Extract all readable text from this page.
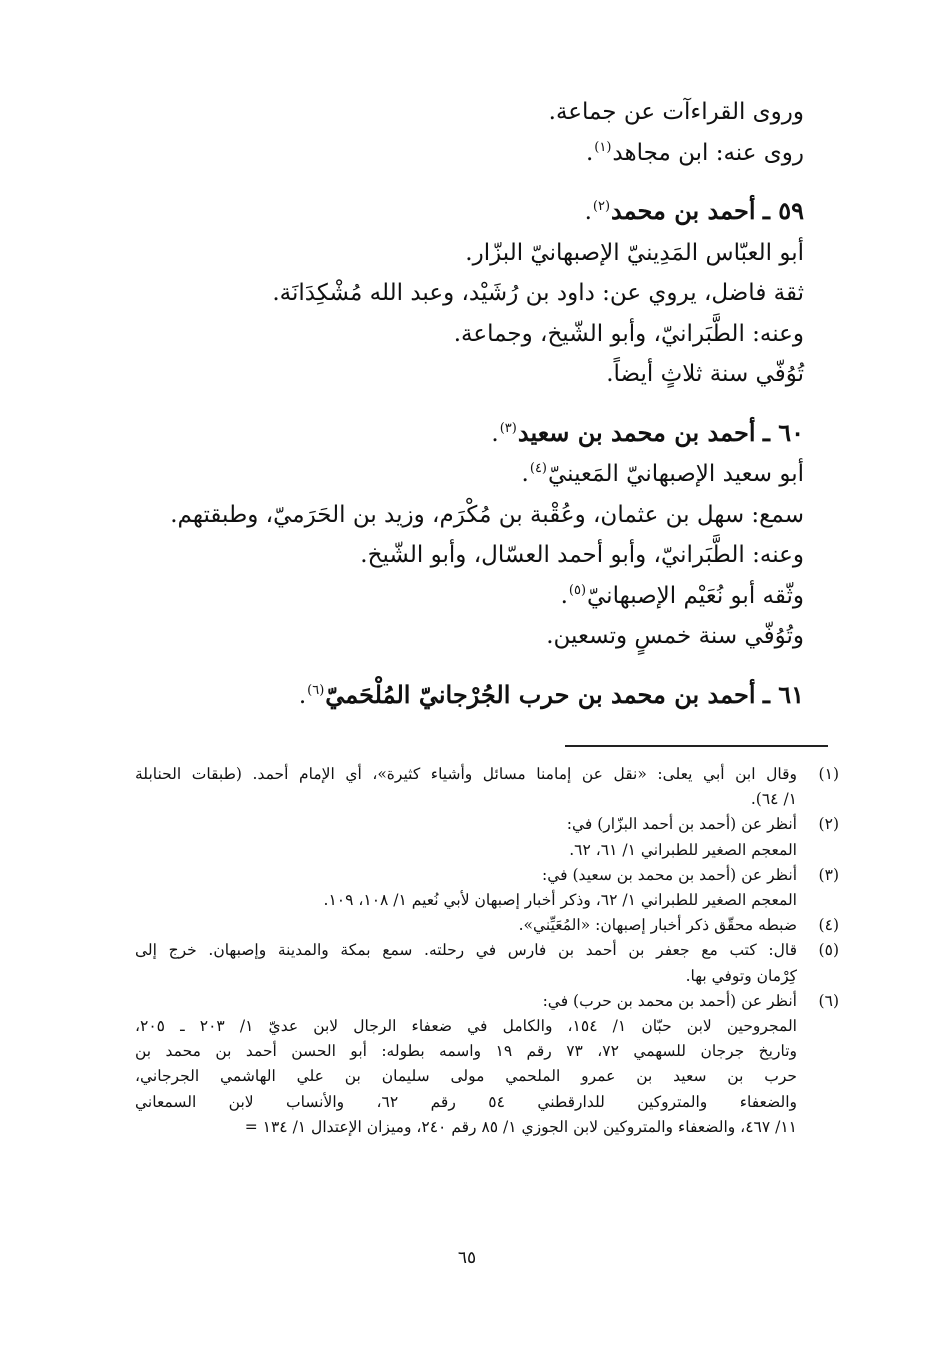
وروى القراءآت عن جماعة.
روى عنه: ابن مجاهد$^{(١)}$.
٥٩ ـ أحمد بن محمد$^{(٢)}$.
أبو العبّاس المَدِينيّ الإصبهانيّ البزّار.
ثقة فاضل، يروي عن: داود بن رُشَيْد، وعبد الله مُشْكِدَانَة.
وعنه: الطَّبَرانيّ، وأبو الشّيخ، وجماعة.
تُوُفّي سنة ثلاثٍ أيضاً.
٦٠ ـ أحمد بن محمد بن سعيد$^{(٣)}$.
أبو سعيد الإصبهانيّ المَعينيّ$^{(٤)}$.
سمع: سهل بن عثمان، وعُقْبة بن مُكْرَم، وزيد بن الحَرَميّ، وطبقتهم.
وعنه: الطَّبَرانيّ، وأبو أحمد العسّال، وأبو الشّيخ.
وثّقه أبو نُعَيْم الإصبهانيّ$^{(٥)}$.
وتُوُفّي سنة خمسٍ وتسعين.
٦١ ـ أحمد بن محمد بن حرب الجُرْجانيّ المُلْحَميّ$^{(٦)}$.
(١)
وقال ابن أبي يعلى: «نقل عن إمامنا مسائل وأشياء كثيرة»، أي الإمام أحمد. (طبقات الحنابلة
١/ ٦٤).
(٢)
أنظر عن (أحمد بن أحمد البزّار) في:
المعجم الصغير للطبراني ١/ ٦١، ٦٢.
(٣)
أنظر عن (أحمد بن محمد بن سعيد) في:
المعجم الصغير للطبراني ١/ ٦٢، وذكر أخبار إصبهان لأبي نُعيم ١/ ١٠٨، ١٠٩.
(٤)
ضبطه محقّق ذكر أخبار إصبهان: «المُعَيِّني».
(٥)
قال: كتب مع جعفر بن أحمد بن فارس في رحلته. سمع بمكة والمدينة وإصبهان. خرج إلى
كِرْمان وتوفي بها.
(٦)
أنظر عن (أحمد بن محمد بن حرب) في:
المجروحين لابن حبّان ١/ ١٥٤، والكامل في ضعفاء الرجال لابن عديّ ١/ ٢٠٣ ـ ٢٠٥،
وتاريخ جرجان للسهمي ٧٢، ٧٣ رقم ١٩ واسمه بطوله: أبو الحسن أحمد بن محمد بن
حرب بن سعيد بن عمرو الملحمي مولى سليمان بن علي الهاشمي الجرجاني،
والضعفاء والمتروكين للدارقطني ٥٤ رقم ٦٢، والأنساب لابن السمعاني
١١/ ٤٦٧، والضعفاء والمتروكين لابن الجوزي ١/ ٨٥ رقم ٢٤٠، وميزان الإعتدال ١/ ١٣٤ =
٦٥
